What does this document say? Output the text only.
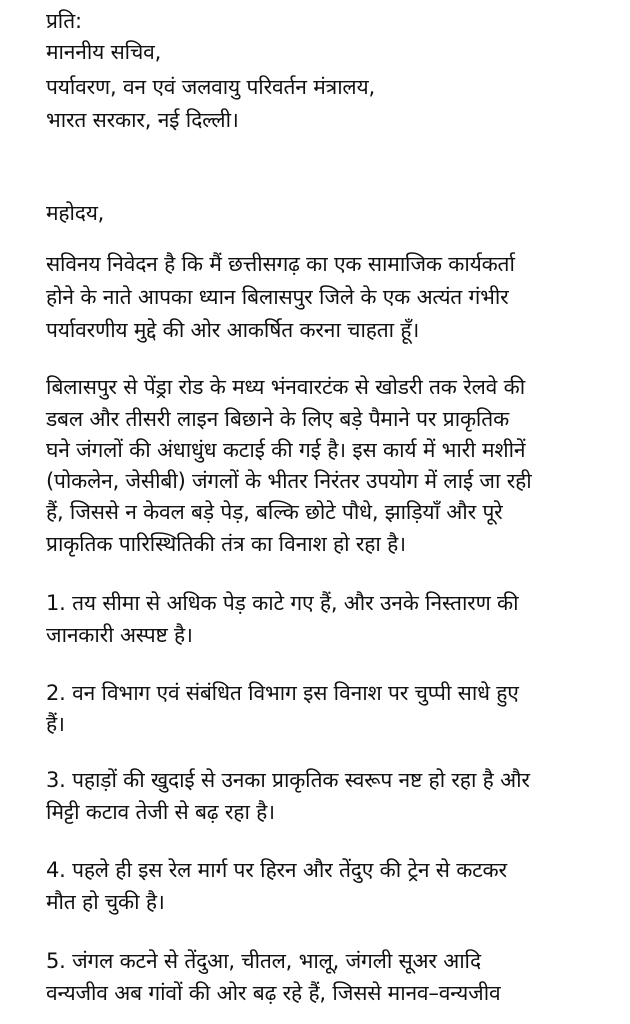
प्रति:
माननीय सचिव,
पर्यावरण, वन एवं जलवायु परिवर्तन मंत्रालय,
भारत सरकार, नई दिल्ली।
महोदय,
सविनय निवेदन है कि मैं छत्तीसगढ़ का एक सामाजिक कार्यकर्ता
होने के नाते आपका ध्यान बिलासपुर जिले के एक अत्यंत गंभीर
पर्यावरणीय मुद्दे की ओर आकर्षित करना चाहता हूँ।
बिलासपुर से पेंड्रा रोड के मध्य भंनवारटंक से खोडरी तक रेलवे की
डबल और तीसरी लाइन बिछाने के लिए बड़े पैमाने पर प्राकृतिक
घने जंगलों की अंधाधुंध कटाई की गई है। इस कार्य में भारी मशीनें
(पोकलेन, जेसीबी) जंगलों के भीतर निरंतर उपयोग में लाई जा रही
हैं, जिससे न केवल बड़े पेड़, बल्कि छोटे पौधे, झाड़ियाँ और पूरे
प्राकृतिक पारिस्थितिकी तंत्र का विनाश हो रहा है।
1. तय सीमा से अधिक पेड़ काटे गए हैं, और उनके निस्तारण की
जानकारी अस्पष्ट है।
2. वन विभाग एवं संबंधित विभाग इस विनाश पर चुप्पी साधे हुए
हैं।
3. पहाड़ों की खुदाई से उनका प्राकृतिक स्वरूप नष्ट हो रहा है और
मिट्टी कटाव तेजी से बढ़ रहा है।
4. पहले ही इस रेल मार्ग पर हिरन और तेंदुए की ट्रेन से कटकर
मौत हो चुकी है।
5. जंगल कटने से तेंदुआ, चीतल, भालू, जंगली सूअर आदि
वन्यजीव अब गांवों की ओर बढ़ रहे हैं, जिससे मानव–वन्यजीव
